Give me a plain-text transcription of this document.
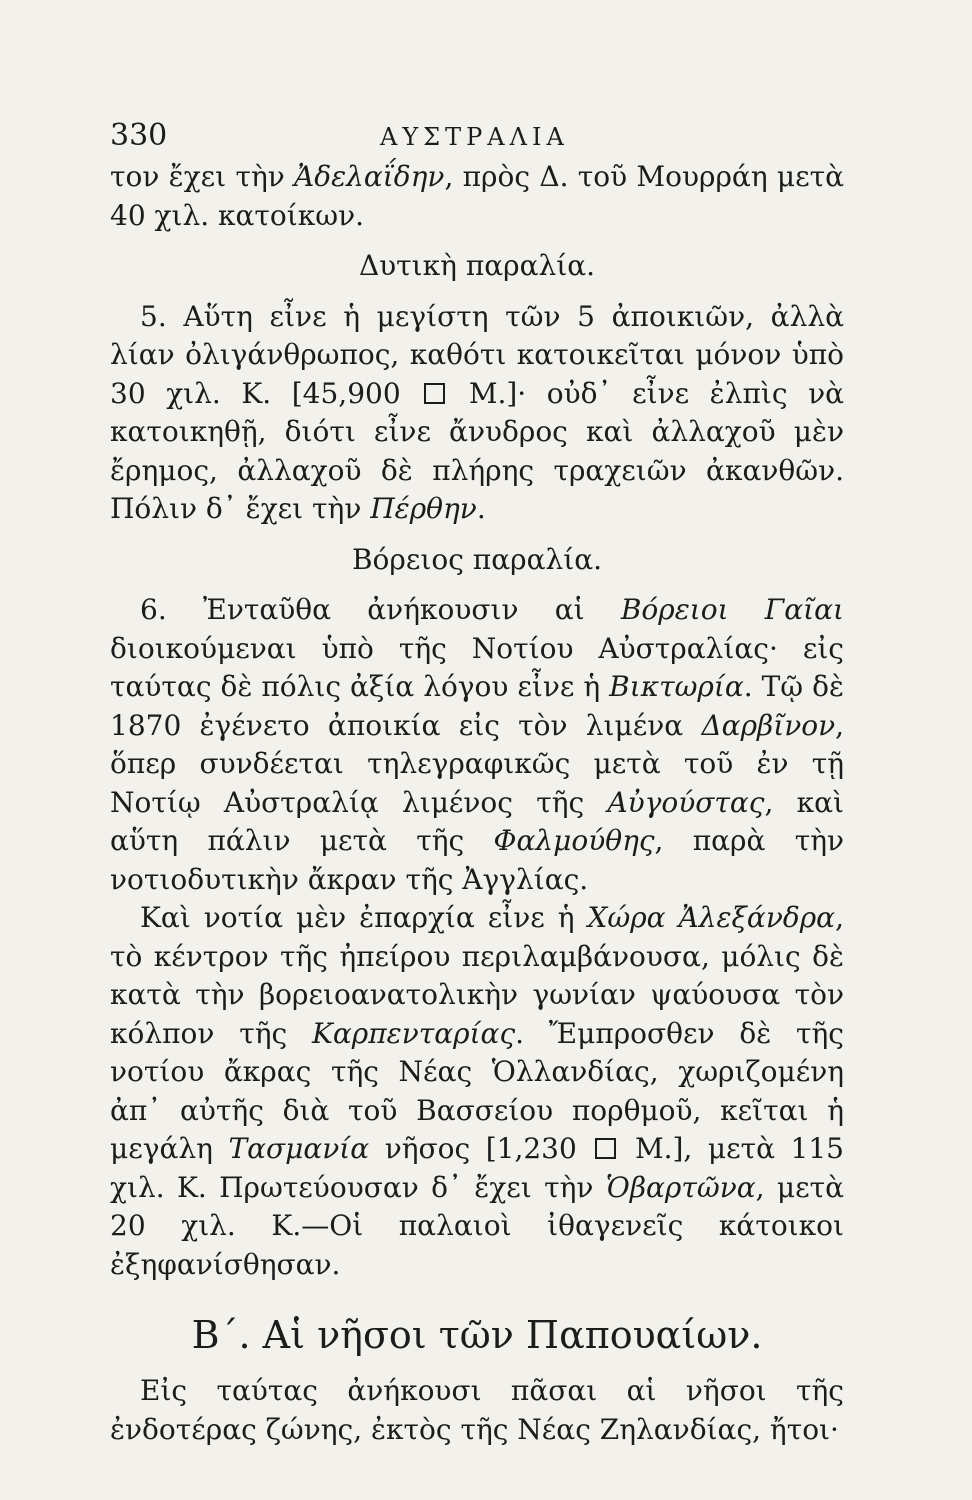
330	ΑΥΣΤΡΑΛΙΑ

τον ἔχει τὴν Ἀδελαΐδην, πρὸς Δ. τοῦ Μουρράη μετὰ 40 χιλ. κατοίκων.

Δυτικὴ παραλία.

5. Αὕτη εἶνε ἡ μεγίστη τῶν 5 ἀποικιῶν, ἀλλὰ λίαν ὀλιγάνθρωπος, καθότι κατοικεῖται μόνον ὑπὸ 30 χιλ. Κ. [45,900 Μ.]· οὐδ᾽ εἶνε ἐλπὶς νὰ κατοικηθῇ, διότι εἶνε ἄνυδρος καὶ ἀλλαχοῦ μὲν ἔρημος, ἀλλαχοῦ δὲ πλήρης τραχειῶν ἀκανθῶν. Πόλιν δ᾽ ἔχει τὴν Πέρθην.

Βόρειος παραλία.

6. Ἐνταῦθα ἀνήκουσιν αἱ Βόρειοι Γαῖαι διοικούμεναι ὑπὸ τῆς Νοτίου Αὐστραλίας· εἰς ταύτας δὲ πόλις ἀξία λόγου εἶνε ἡ Βικτωρία. Τῷ δὲ 1870 ἐγένετο ἀποικία εἰς τὸν λιμένα Δαρβῖνον, ὅπερ συνδέεται τηλεγραφικῶς μετὰ τοῦ ἐν τῇ Νοτίῳ Αὐστραλίᾳ λιμένος τῆς Αὐγούστας, καὶ αὕτη πάλιν μετὰ τῆς Φαλμούθης, παρὰ τὴν νοτιοδυτικὴν ἄκραν τῆς Ἀγγλίας.

Καὶ νοτία μὲν ἐπαρχία εἶνε ἡ Χώρα Ἀλεξάνδρα, τὸ κέντρον τῆς ἠπείρου περιλαμβάνουσα, μόλις δὲ κατὰ τὴν βορειοανατολικὴν γωνίαν ψαύουσα τὸν κόλπον τῆς Καρπενταρίας. Ἔμπροσθεν δὲ τῆς νοτίου ἄκρας τῆς Νέας Ὁλλανδίας, χωριζομένη ἀπ᾽ αὐτῆς διὰ τοῦ Βασσείου πορθμοῦ, κεῖται ἡ μεγάλη Τασμανία νῆσος [1,230 Μ.], μετὰ 115 χιλ. Κ. Πρωτεύουσαν δ᾽ ἔχει τὴν Ὁβαρτῶνα, μετὰ 20 χιλ. Κ.—Οἱ παλαιοὶ ἰθαγενεῖς κάτοικοι ἐξηφανίσθησαν.

Β΄. Αἱ νῆσοι τῶν Παπουαίων.

Εἰς ταύτας ἀνήκουσι πᾶσαι αἱ νῆσοι τῆς ἐνδοτέρας ζώνης, ἐκτὸς τῆς Νέας Ζηλανδίας, ἤτοι·
